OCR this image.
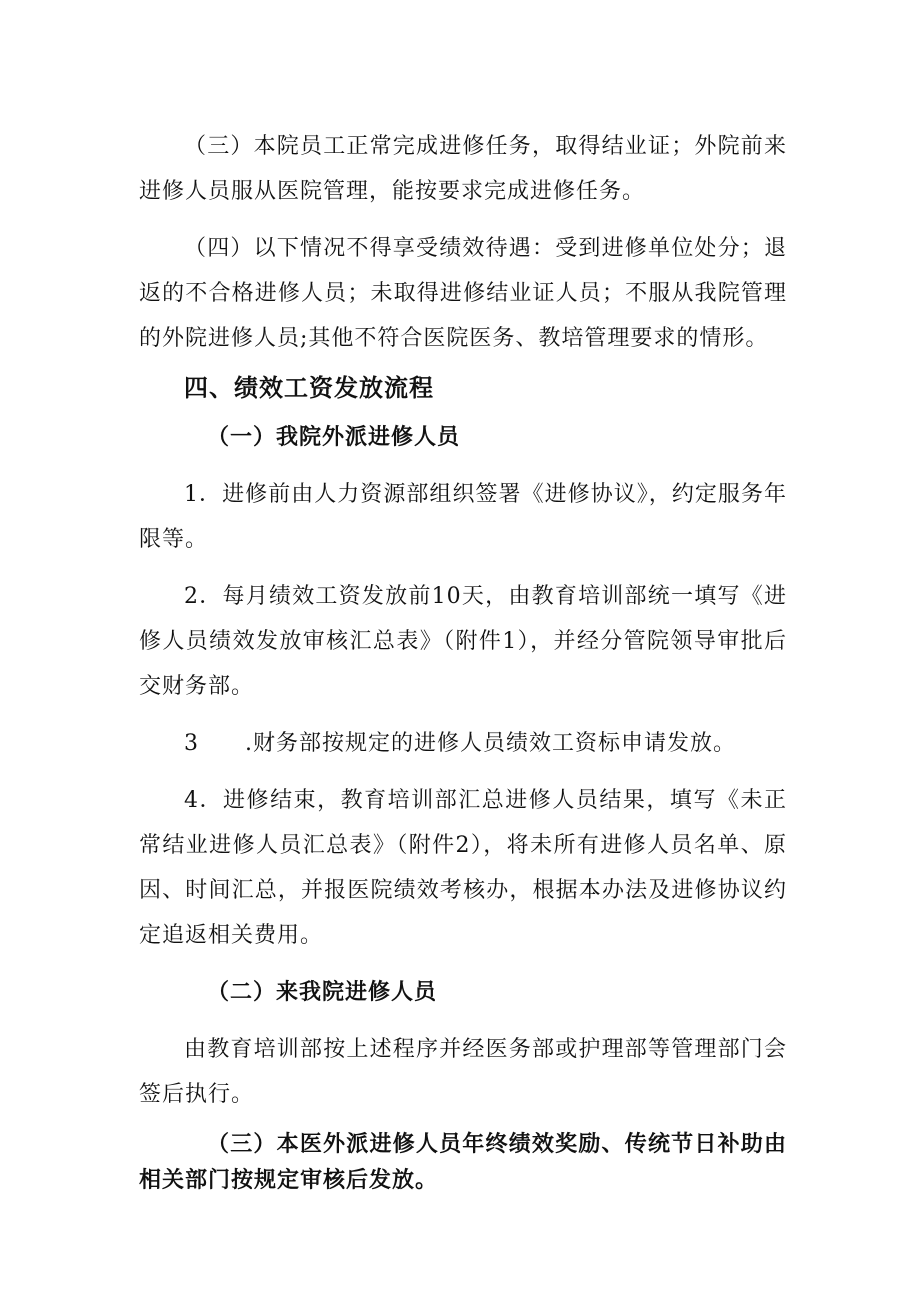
（三）本院员工正常完成进修任务，取得结业证；外院前来进修人员服从医院管理，能按要求完成进修任务。

（四）以下情况不得享受绩效待遇：受到进修单位处分；退返的不合格进修人员；未取得进修结业证人员；不服从我院管理的外院进修人员;其他不符合医院医务、教培管理要求的情形。

四、绩效工资发放流程

（一）我院外派进修人员

1．进修前由人力资源部组织签署《进修协议》，约定服务年限等。

2．每月绩效工资发放前10天，由教育培训部统一填写《进修人员绩效发放审核汇总表》（附件1），并经分管院领导审批后交财务部。

3　　.财务部按规定的进修人员绩效工资标申请发放。

4．进修结束，教育培训部汇总进修人员结果，填写《未正常结业进修人员汇总表》（附件2），将未所有进修人员名单、原因、时间汇总，并报医院绩效考核办，根据本办法及进修协议约定追返相关费用。

（二）来我院进修人员

由教育培训部按上述程序并经医务部或护理部等管理部门会签后执行。

（三）本医外派进修人员年终绩效奖励、传统节日补助由相关部门按规定审核后发放。
